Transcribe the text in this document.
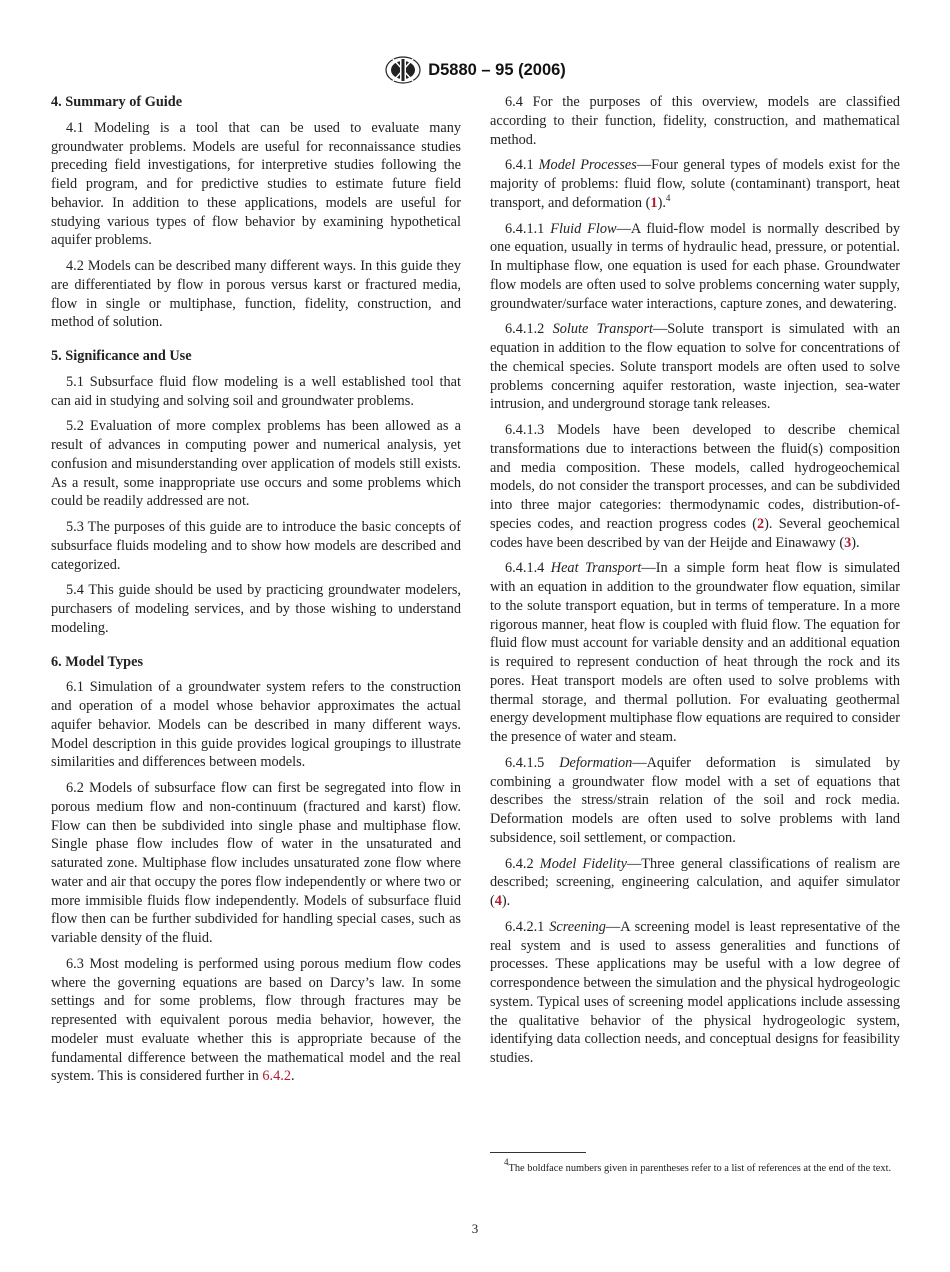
D5880 – 95 (2006)
4. Summary of Guide

4.1 Modeling is a tool that can be used to evaluate many groundwater problems. Models are useful for reconnaissance studies preceding field investigations, for interpretive studies following the field program, and for predictive studies to estimate future field behavior. In addition to these applications, models are useful for studying various types of flow behavior by examining hypothetical aquifer problems.

4.2 Models can be described many different ways. In this guide they are differentiated by flow in porous versus karst or fractured media, flow in single or multiphase, function, fidelity, construction, and method of solution.

5. Significance and Use

5.1 Subsurface fluid flow modeling is a well established tool that can aid in studying and solving soil and groundwater problems.

5.2 Evaluation of more complex problems has been allowed as a result of advances in computing power and numerical analysis, yet confusion and misunderstanding over application of models still exists. As a result, some inappropriate use occurs and some problems which could be readily addressed are not.

5.3 The purposes of this guide are to introduce the basic concepts of subsurface fluids modeling and to show how models are described and categorized.

5.4 This guide should be used by practicing groundwater modelers, purchasers of modeling services, and by those wishing to understand modeling.

6. Model Types

6.1 Simulation of a groundwater system refers to the construction and operation of a model whose behavior approximates the actual aquifer behavior. Models can be described in many different ways. Model description in this guide provides logical groupings to illustrate similarities and differences between models.

6.2 Models of subsurface flow can first be segregated into flow in porous medium flow and non-continuum (fractured and karst) flow. Flow can then be subdivided into single phase and multiphase flow. Single phase flow includes flow of water in the unsaturated and saturated zone. Multiphase flow includes unsaturated zone flow where water and air that occupy the pores flow independently or where two or more immisible fluids flow independently. Models of subsurface fluid flow then can be further subdivided for handling special cases, such as variable density of the fluid.

6.3 Most modeling is performed using porous medium flow codes where the governing equations are based on Darcy’s law. In some settings and for some problems, flow through fractures may be represented with equivalent porous media behavior, however, the modeler must evaluate whether this is appropriate because of the fundamental difference between the mathematical model and the real system. This is considered further in 6.4.2.

6.4 For the purposes of this overview, models are classified according to their function, fidelity, construction, and mathematical method.

6.4.1 Model Processes—Four general types of models exist for the majority of problems: fluid flow, solute (contaminant) transport, heat transport, and deformation (1).$^4$

6.4.1.1 Fluid Flow—A fluid-flow model is normally described by one equation, usually in terms of hydraulic head, pressure, or potential. In multiphase flow, one equation is used for each phase. Groundwater flow models are often used to solve problems concerning water supply, groundwater/surface water interactions, capture zones, and dewatering.

6.4.1.2 Solute Transport—Solute transport is simulated with an equation in addition to the flow equation to solve for concentrations of the chemical species. Solute transport models are often used to solve problems concerning aquifer restoration, waste injection, sea-water intrusion, and underground storage tank releases.

6.4.1.3 Models have been developed to describe chemical transformations due to interactions between the fluid(s) composition and media composition. These models, called hydrogeochemical models, do not consider the transport processes, and can be subdivided into three major categories: thermodynamic codes, distribution-of-species codes, and reaction progress codes (2). Several geochemical codes have been described by van der Heijde and Einawawy (3).

6.4.1.4 Heat Transport—In a simple form heat flow is simulated with an equation in addition to the groundwater flow equation, similar to the solute transport equation, but in terms of temperature. In a more rigorous manner, heat flow is coupled with fluid flow. The equation for fluid flow must account for variable density and an additional equation is required to represent conduction of heat through the rock and its pores. Heat transport models are often used to solve problems with thermal storage, and thermal pollution. For evaluating geothermal energy development multiphase flow equations are required to consider the presence of water and steam.

6.4.1.5 Deformation—Aquifer deformation is simulated by combining a groundwater flow model with a set of equations that describes the stress/strain relation of the soil and rock media. Deformation models are often used to solve problems with land subsidence, soil settlement, or compaction.

6.4.2 Model Fidelity—Three general classifications of realism are described; screening, engineering calculation, and aquifer simulator (4).

6.4.2.1 Screening—A screening model is least representative of the real system and is used to assess generalities and functions of processes. These applications may be useful with a low degree of correspondence between the simulation and the physical hydrogeologic system. Typical uses of screening model applications include assessing the qualitative behavior of the physical hydrogeologic system, identifying data collection needs, and conceptual designs for feasibility studies.

$^4$The boldface numbers given in parentheses refer to a list of references at the end of the text.
3
